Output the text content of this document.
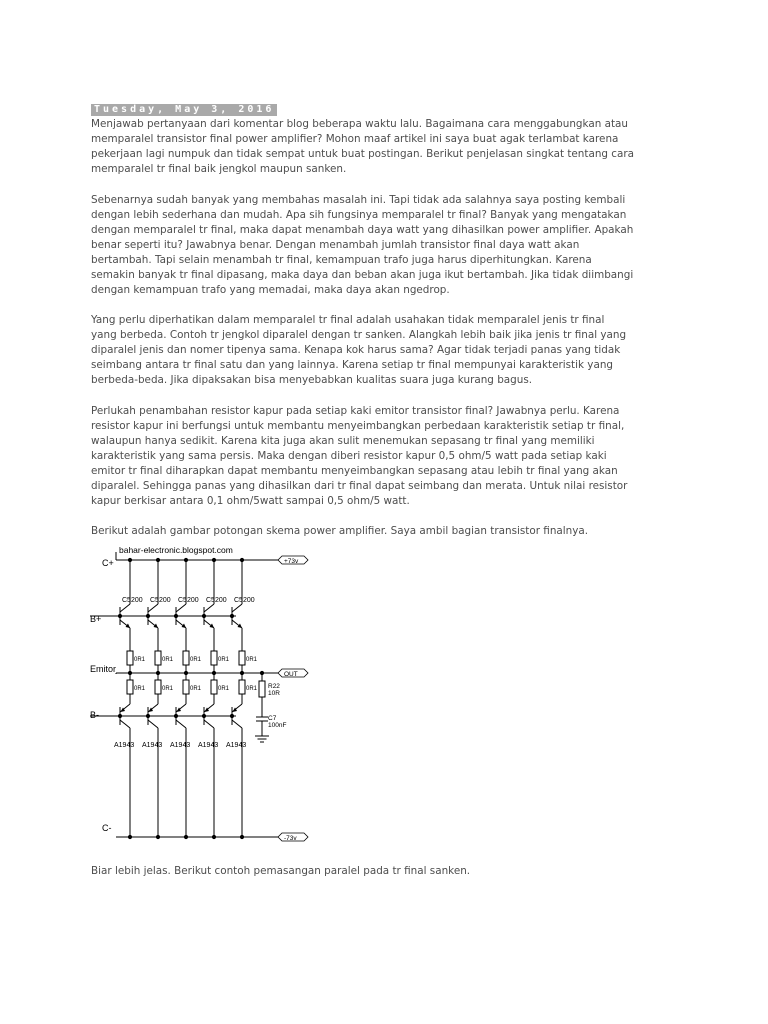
Tuesday, May 3, 2016

Menjawab pertanyaan dari komentar blog beberapa waktu lalu. Bagaimana cara menggabungkan atau
memparalel transistor final power amplifier? Mohon maaf artikel ini saya buat agak terlambat karena
pekerjaan lagi numpuk dan tidak sempat untuk buat postingan. Berikut penjelasan singkat tentang cara
memparalel tr final baik jengkol maupun sanken.

Sebenarnya sudah banyak yang membahas masalah ini. Tapi tidak ada salahnya saya posting kembali
dengan lebih sederhana dan mudah. Apa sih fungsinya memparalel tr final? Banyak yang mengatakan
dengan memparalel tr final, maka dapat menambah daya watt yang dihasilkan power amplifier. Apakah
benar seperti itu? Jawabnya benar. Dengan menambah jumlah transistor final daya watt akan
bertambah. Tapi selain menambah tr final, kemampuan trafo juga harus diperhitungkan. Karena
semakin banyak tr final dipasang, maka daya dan beban akan juga ikut bertambah. Jika tidak diimbangi
dengan kemampuan trafo yang memadai, maka daya akan ngedrop.

Yang perlu diperhatikan dalam memparalel tr final adalah usahakan tidak memparalel jenis tr final
yang berbeda. Contoh tr jengkol diparalel dengan tr sanken. Alangkah lebih baik jika jenis tr final yang
diparalel jenis dan nomer tipenya sama. Kenapa kok harus sama? Agar tidak terjadi panas yang tidak
seimbang antara tr final satu dan yang lainnya. Karena setiap tr final mempunyai karakteristik yang
berbeda-beda. Jika dipaksakan bisa menyebabkan kualitas suara juga kurang bagus.

Perlukah penambahan resistor kapur pada setiap kaki emitor transistor final? Jawabnya perlu. Karena
resistor kapur ini berfungsi untuk membantu menyeimbangkan perbedaan karakteristik setiap tr final,
walaupun hanya sedikit. Karena kita juga akan sulit menemukan sepasang tr final yang memiliki
karakteristik yang sama persis. Maka dengan diberi resistor kapur 0,5 ohm/5 watt pada setiap kaki
emitor tr final diharapkan dapat membantu menyeimbangkan sepasang atau lebih tr final yang akan
diparalel. Sehingga panas yang dihasilkan dari tr final dapat seimbang dan merata. Untuk nilai resistor
kapur berkisar antara 0,1 ohm/5watt sampai 0,5 ohm/5 watt.

Berikut adalah gambar potongan skema power amplifier. Saya ambil bagian transistor finalnya.

bahar-electronic.blogspot.com
C+
B+
Emitor
B-
C-
+73v
OUT
-73v
R22
10R
C7
100nF
C5200
0R1
0R1
A1943
C5200
0R1
0R1
A1943
C5200
0R1
0R1
A1943
C5200
0R1
0R1
A1943
C5200
0R1
0R1
A1943

Biar lebih jelas. Berikut contoh pemasangan paralel pada tr final sanken.
